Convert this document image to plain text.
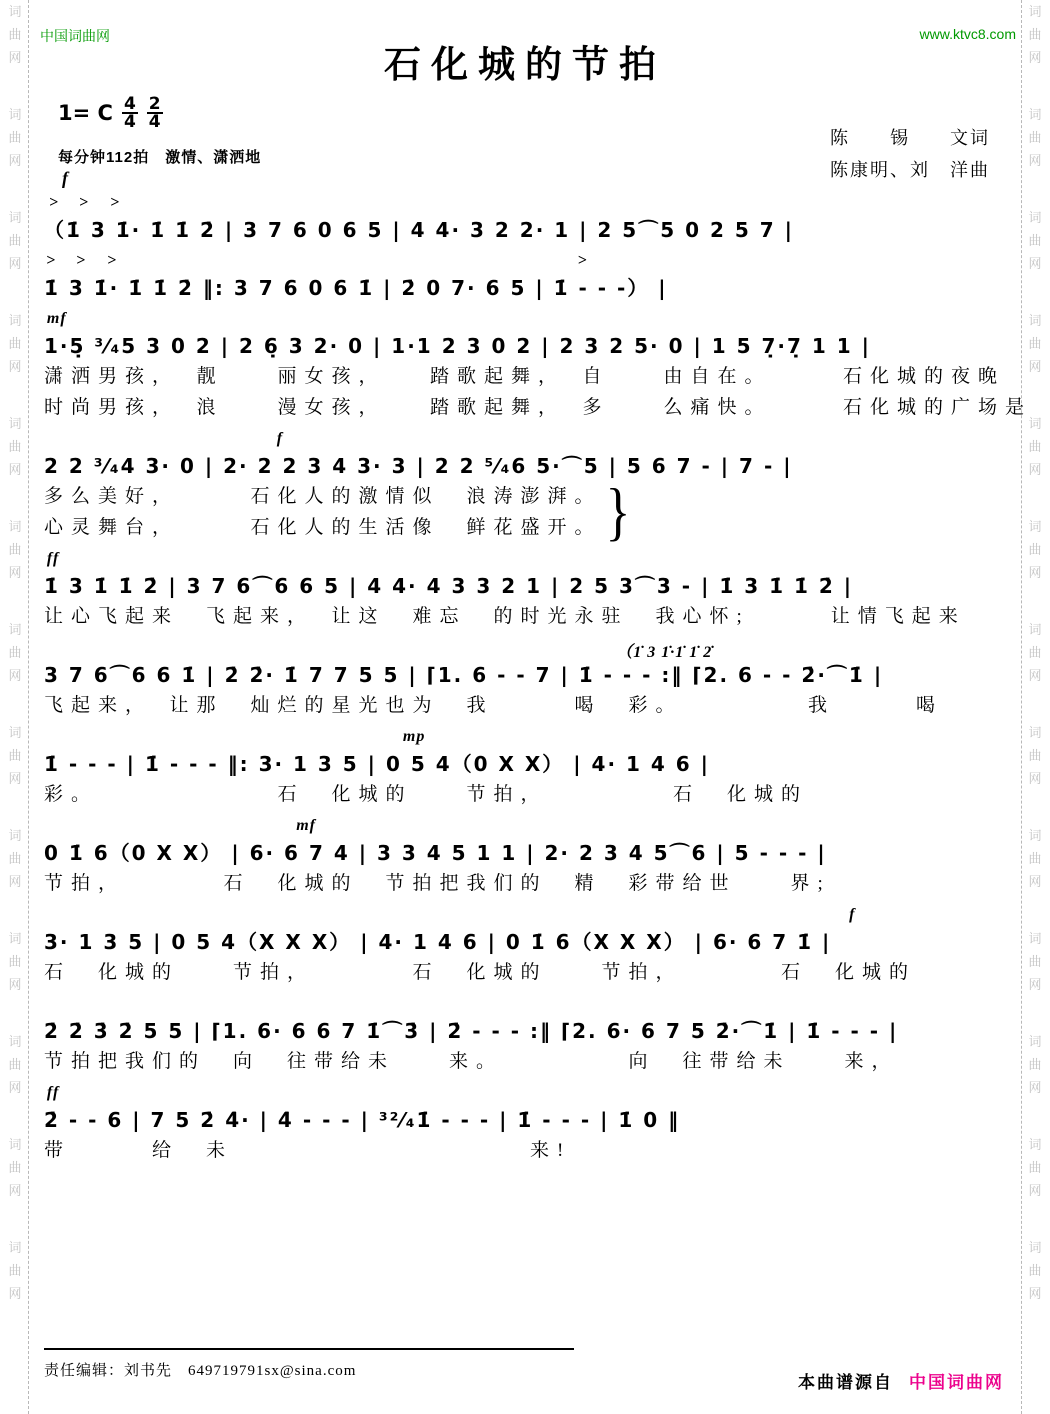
词
曲
网
词
曲
网
词
曲
网
词
曲
网
词
曲
网
词
曲
网
词
曲
网
词
曲
网
词
曲
网
词
曲
网
词
曲
网
词
曲
网
词
曲
网
词
曲
网
词
曲
网
词
曲
网
词
曲
网
词
曲
网
词
曲
网
词
曲
网
词
曲
网
词
曲
网
词
曲
网
词
曲
网
词
曲
网
词
曲
网
中国词曲网	www.ktvc8.com
石化城的节拍
1= C $\frac{4}{4} \frac{2}{4}$
每分钟112拍　激情、潇洒地
f
陈　　锡　　文词
陈康明、刘　洋曲
> > >
（1̇ 3 1̇· 1̇ 1̇ 2̇ | 3 7 6 0 6 5 | 4 4· 3 2 2· 1 | 2 5⌒5 0 2 5 7 |
> > >	>
1̇ 3 1̇· 1̇ 1̇ 2̇ ‖: 3 7 6 0 6 1̇ | 2̇ 0 7· 6 5 | 1̇ - - -） |
mf
1·5̣ ³⁄₄5 3 0 2 | 2 6̣ 3 2· 0 | 1·1 2 3 0 2 | 2 3 2 5· 0 | 1 5 7̣·7̣ 1 1 |
潇洒男孩，　靓　　丽女孩，　　踏歌起舞，　自　　由自在。　　　石化城的夜晚
时尚男孩，　浪　　漫女孩，　　踏歌起舞，　多　　么痛快。　　　石化城的广场是
f
2 2 ³⁄₄4 3· 0 | 2· 2 2 3 4 3· 3 | 2 2 ⁵⁄₄6 5·⌒5 | 5 6 7 - | 7 - |
多么美好，　　　石化人的激情似　浪涛澎湃。
心灵舞台，　　　石化人的生活像　鲜花盛开。 }
ff
1̇ 3 1̇ 1̇ 2̇ | 3 7 6⌒6 6 5 | 4 4· 4 3 3 2 1 | 2 5 3⌒3 - | 1̇ 3 1̇ 1̇ 2̇ |
让心飞起来　飞起来，　让这　难忘　的时光永驻　我心怀;　　　让情飞起来
（1̇ 3 1̇·1̇ 1̇ 2̇
3 7 6⌒6 6 1̇ | 2̇ 2̇· 1̇ 7 7 5 5 | ⌈1. 6 - - 7 | 1̇ - - - :‖ ⌈2. 6 - - 2̇·⌒1̇ |
飞起来，　让那　灿烂的星光也为　我　　　喝　彩。　　　　　我　　　喝
mp
1̇ - - - | 1̇ - - - ‖: 3· 1 3 5 | 0 5 4（0 X X） | 4· 1 4 6 |
彩。　　　　　　　石　化城的　　节拍，　　　　　石　化城的
mf
0 1̇ 6（0 X X） | 6· 6 7 4 | 3 3 4 5 1 1 | 2· 2 3 4 5⌒6 | 5 - - - |
节拍，　　　　石　化城的　节拍把我们的　精　彩带给世　　界;
f
3· 1 3 5 | 0 5 4（X X X） | 4· 1 4 6 | 0 1̇ 6（X X X） | 6· 6 7 1̇ |
石　化城的　　节拍，　　　　石　化城的　　节拍，　　　　石　化城的
2̇ 2̇ 3̇ 2̇ 5 5 | ⌈1. 6· 6 6 7 1̇⌒3̇ | 2̇ - - - :‖ ⌈2. 6· 6 7 5 2̇·⌒1̇ | 1̇ - - - |
节拍把我们的　向　往带给未　　来。　　　　　向　往带给未　　来，
ff
2̇ - - 6 | 7 5 2̇ 4̇· | 4̇ - - - | ³²⁄₄1̇ - - - | 1̇ - - - | 1̇ 0 ‖
带　　　给　未　　　　　　　　　　　来!
责任编辑：刘书先　649719791sx@sina.com
本曲谱源自 中国词曲网
